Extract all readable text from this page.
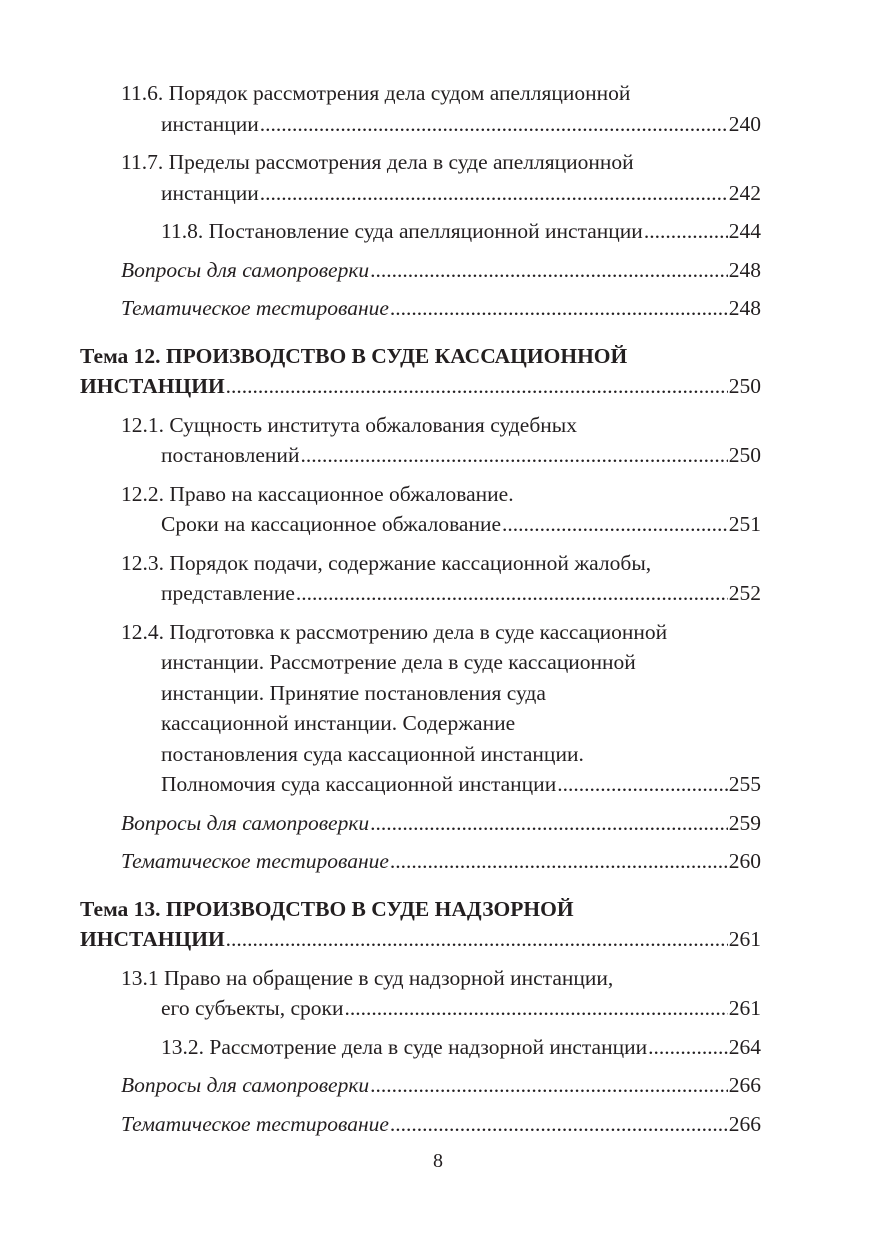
11.6. Порядок рассмотрения дела судом апелляционной
инстанции .....	240
11.7. Пределы рассмотрения дела в суде апелляционной
инстанции .....	242
11.8. Постановление суда апелляционной инстанции .....	244
Вопросы для самопроверки .....	248
Тематическое тестирование .....	248
Тема 12. ПРОИЗВОДСТВО В СУДЕ КАССАЦИОННОЙ
ИНСТАНЦИИ .....	250
12.1. Сущность института обжалования судебных
постановлений .....	250
12.2. Право на кассационное обжалование.
Сроки на кассационное обжалование .....	251
12.3. Порядок подачи, содержание кассационной жалобы,
представление .....	252
12.4. Подготовка к рассмотрению дела в суде кассационной
инстанции. Рассмотрение дела в суде кассационной
инстанции. Принятие постановления суда
кассационной инстанции. Содержание
постановления суда кассационной инстанции.
Полномочия суда кассационной инстанции .....	255
Вопросы для самопроверки .....	259
Тематическое тестирование .....	260
Тема 13. ПРОИЗВОДСТВО В СУДЕ НАДЗОРНОЙ
ИНСТАНЦИИ .....	261
13.1 Право на обращение в суд надзорной инстанции,
его субъекты, сроки .....	261
13.2. Рассмотрение дела в суде надзорной инстанции .....	264
Вопросы для самопроверки .....	266
Тематическое тестирование .....	266
8
